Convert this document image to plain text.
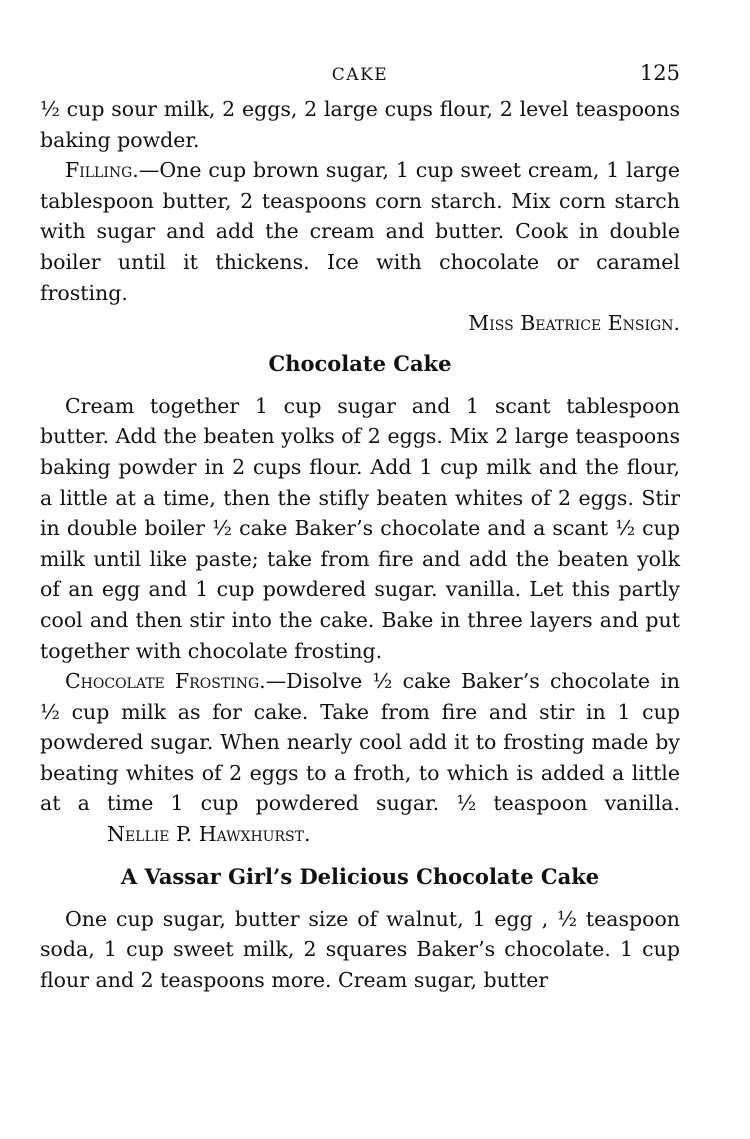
CAKE	125

½ cup sour milk, 2 eggs, 2 large cups flour, 2 level teaspoons baking powder.

Filling.—One cup brown sugar, 1 cup sweet cream, 1 large tablespoon butter, 2 teaspoons corn starch. Mix corn starch with sugar and add the cream and butter. Cook in double boiler until it thickens. Ice with chocolate or caramel frosting.

Miss Beatrice Ensign.

Chocolate Cake

Cream together 1 cup sugar and 1 scant tablespoon butter. Add the beaten yolks of 2 eggs. Mix 2 large teaspoons baking powder in 2 cups flour. Add 1 cup milk and the flour, a little at a time, then the stifly beaten whites of 2 eggs. Stir in double boiler ½ cake Baker’s chocolate and a scant ½ cup milk until like paste; take from fire and add the beaten yolk of an egg and 1 cup powdered sugar. vanilla. Let this partly cool and then stir into the cake. Bake in three layers and put together with chocolate frosting.

Chocolate Frosting.—Disolve ½ cake Baker’s chocolate in ½ cup milk as for cake. Take from fire and stir in 1 cup powdered sugar. When nearly cool add it to frosting made by beating whites of 2 eggs to a froth, to which is added a little at a time 1 cup powdered sugar. ½ teaspoon vanilla.Nellie P. Hawxhurst.

A Vassar Girl’s Delicious Chocolate Cake

One cup sugar, butter size of walnut, 1 egg , ½ teaspoon soda, 1 cup sweet milk, 2 squares Baker’s chocolate. 1 cup flour and 2 teaspoons more. Cream sugar, butter
